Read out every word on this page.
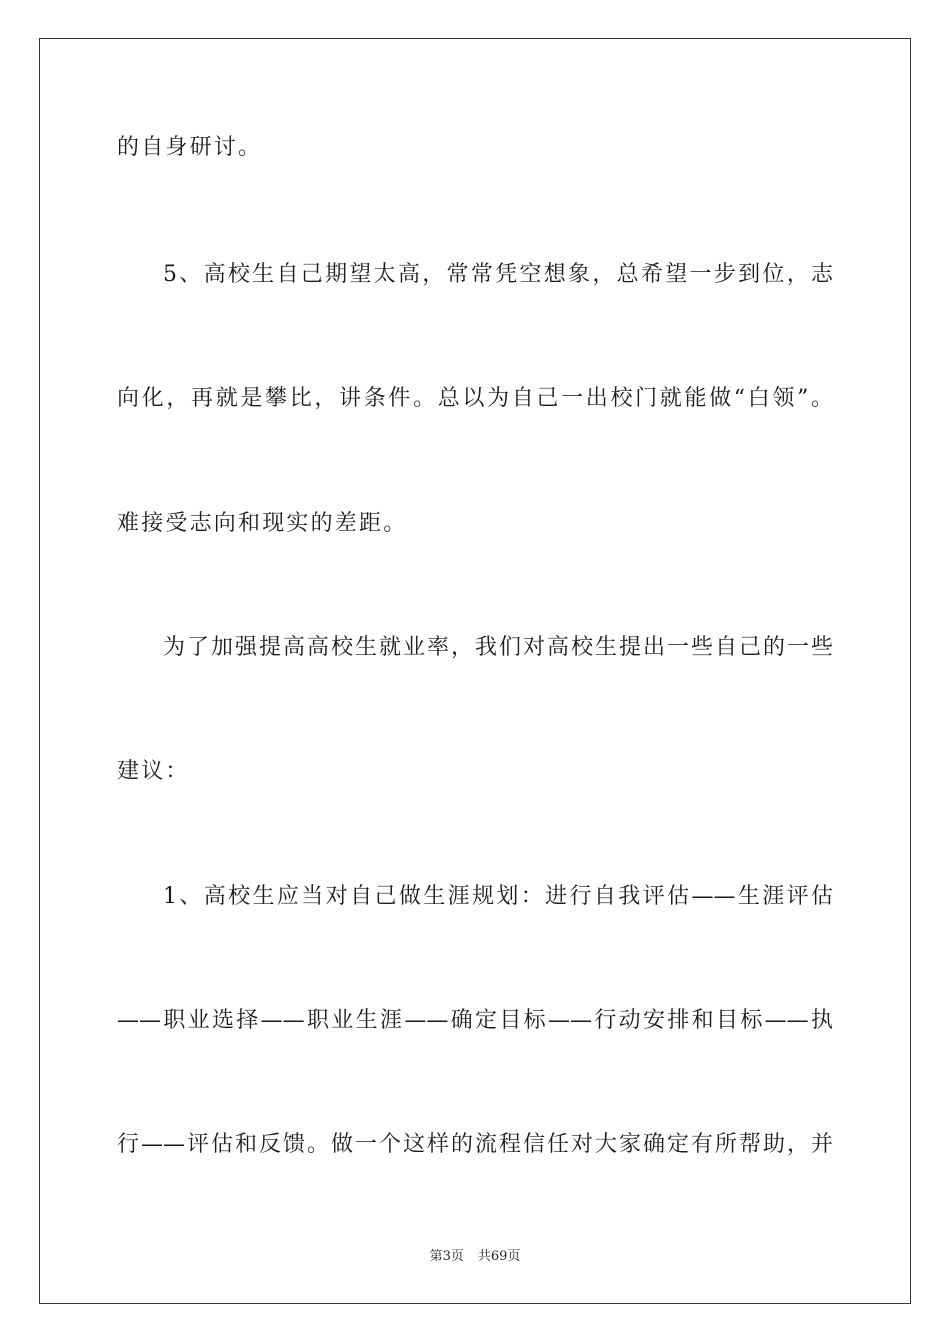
的自身研讨。

5、高校生自己期望太高，常常凭空想象，总希望一步到位，志

向化，再就是攀比，讲条件。总以为自己一出校门就能做“白领”。

难接受志向和现实的差距。

为了加强提高高校生就业率，我们对高校生提出一些自己的一些

建议：

1、高校生应当对自己做生涯规划：进行自我评估——生涯评估

——职业选择——职业生涯——确定目标——行动安排和目标——执

行——评估和反馈。做一个这样的流程信任对大家确定有所帮助，并

第3页 共69页
